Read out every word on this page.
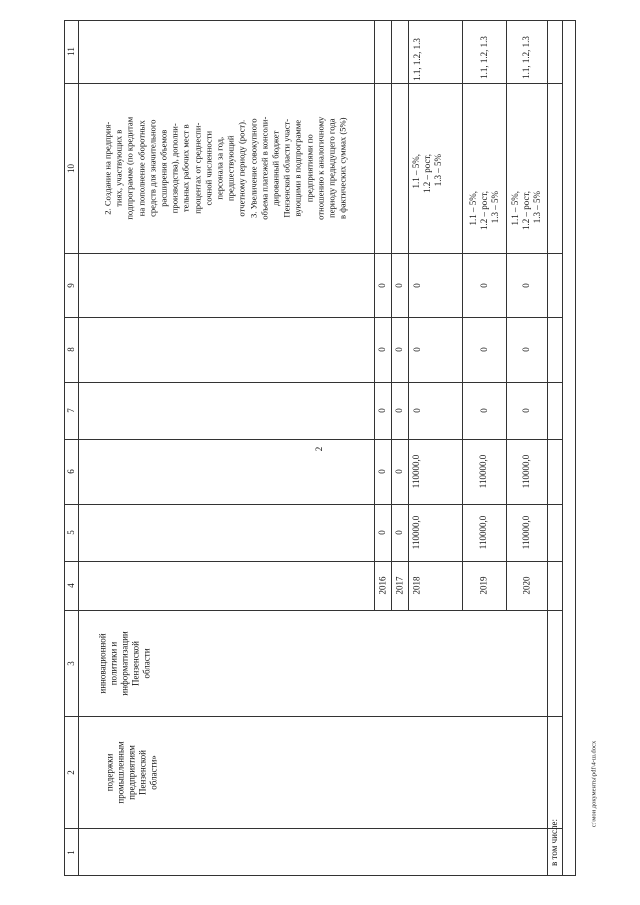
2
11
10
9
8
7
6
5
4
3
2
1
подержки
промышленным
предприятиям
Пензенской
области»
инновационной
политики и
информатизации
Пензенской
области
2. Создание на предприя-
тиях, участвующих в
подпрограмме (по кредитам
на пополнение оборотных
средств для значительного
расширения объемов
производства), дополни-
тельных рабочих мест в
процентах от среднеспи-
сочной численности
персонала за год,
предшествующий
отчетному периоду (рост).
3. Увеличение совокупного
объема платежей в консоли-
дированный бюджет
Пензенской области участ-
вующими в подпрограмме
предприятиями по
отношению к аналогичному
периоду предыдущего года
в фактических суммах (5%)
2016
0
0
0
0
0
2017
0
0
0
0
0
2018
110000,0
110000,0
0
0
0
1.1 – 5%,
1.2 – рост,
1.3 – 5%
1.1, 1.2, 1.3
2019
110000,0
110000,0
0
0
0
1.1 – 5%,
1.2 – рост,
1.3 – 5%
1.1, 1.2, 1.3
2020
110000,0
110000,0
0
0
0
1.1 – 5%,
1.2 – рост,
1.3 – 5%
1.1, 1.2, 1.3
в том числе:
c:\мои документы\pdf\4-ш.docx
